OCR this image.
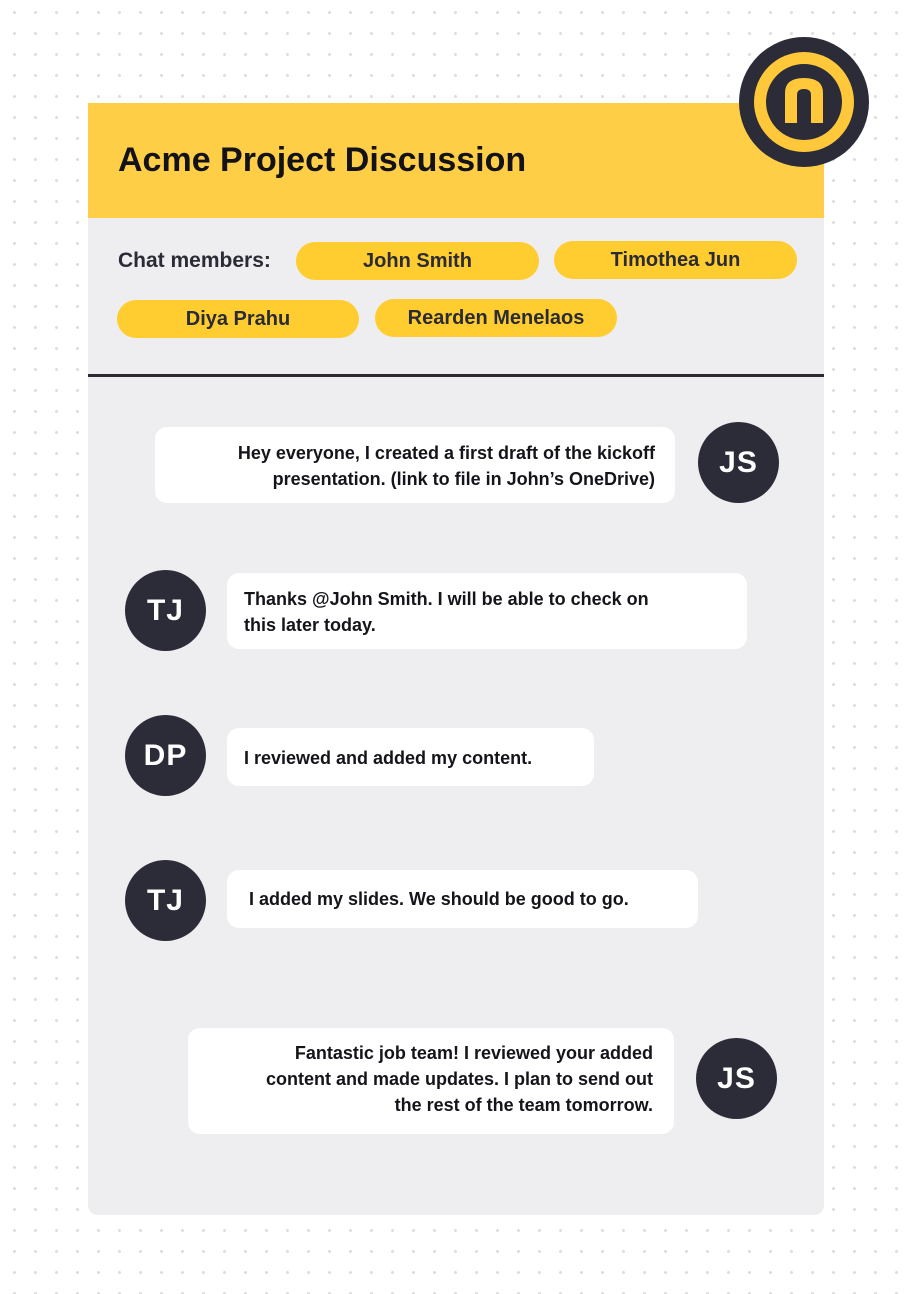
Acme Project Discussion
Chat members:	John Smith	Timothea Jun
Diya Prahu	Rearden Menelaos
Hey everyone, I created a first draft of the kickoff
presentation. (link to file in John’s OneDrive)	JS
TJ	Thanks @John Smith. I will be able to check on
this later today.
DP	I reviewed and added my content.
TJ	I added my slides. We should be good to go.
Fantastic job team! I reviewed your added
content and made updates. I plan to send out
the rest of the team tomorrow.
JS
